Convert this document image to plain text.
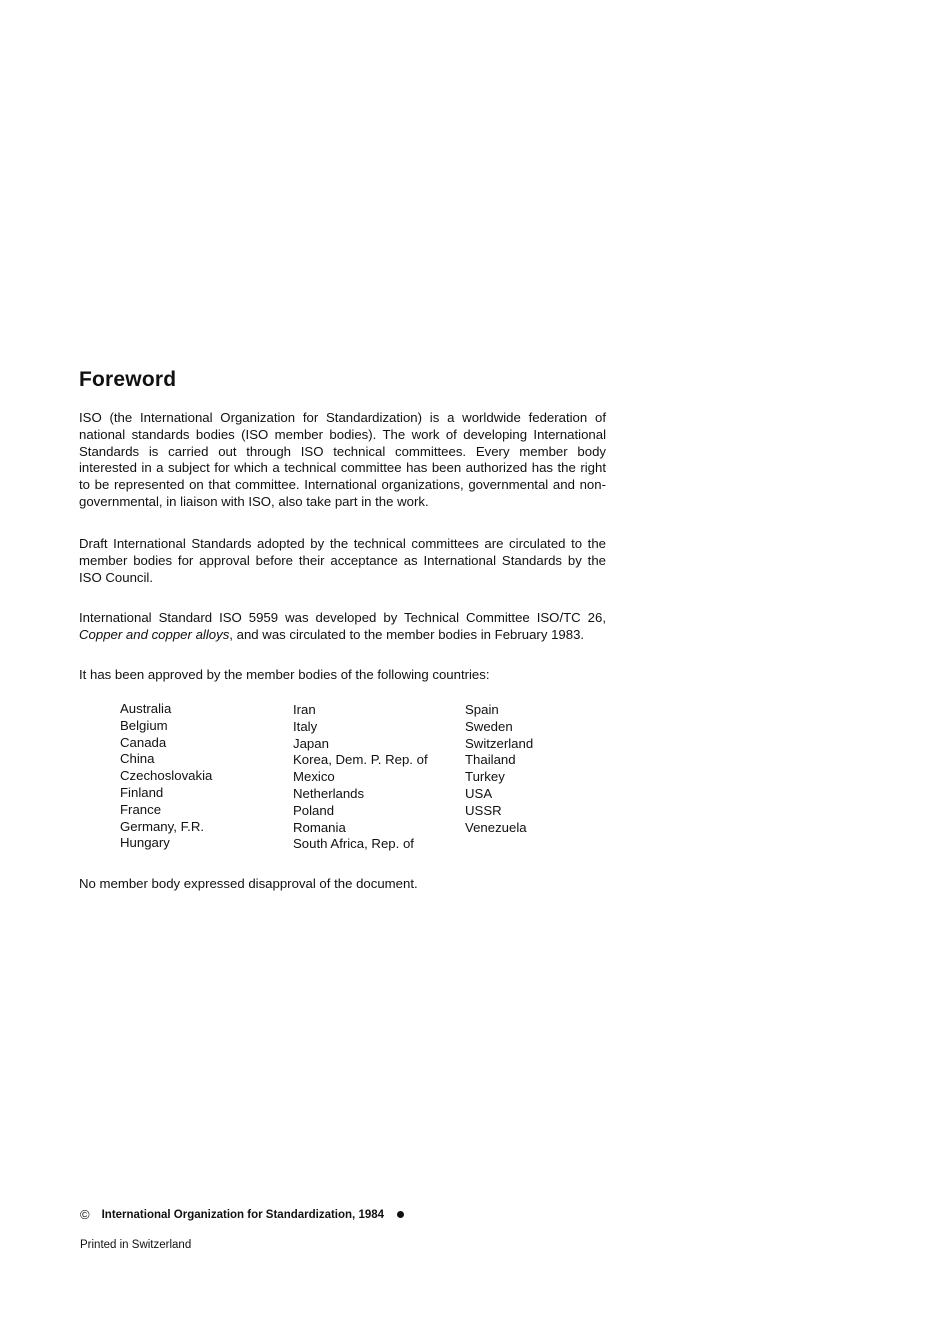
Foreword

ISO (the International Organization for Standardization) is a worldwide federation of national standards bodies (ISO member bodies). The work of developing International Standards is carried out through ISO technical committees. Every member body interested in a subject for which a technical committee has been authorized has the right to be represented on that committee. International organizations, governmental and non-governmental, in liaison with ISO, also take part in the work.

Draft International Standards adopted by the technical committees are circulated to the member bodies for approval before their acceptance as International Standards by the ISO Council.

International Standard ISO 5959 was developed by Technical Committee ISO/TC 26, Copper and copper alloys, and was circulated to the member bodies in February 1983.

It has been approved by the member bodies of the following countries:

Australia
Belgium
Canada
China
Czechoslovakia
Finland
France
Germany, F.R.
Hungary
Iran
Italy
Japan
Korea, Dem. P. Rep. of
Mexico
Netherlands
Poland
Romania
South Africa, Rep. of
Spain
Sweden
Switzerland
Thailand
Turkey
USA
USSR
Venezuela

No member body expressed disapproval of the document.

© International Organization for Standardization, 1984
Printed in Switzerland
